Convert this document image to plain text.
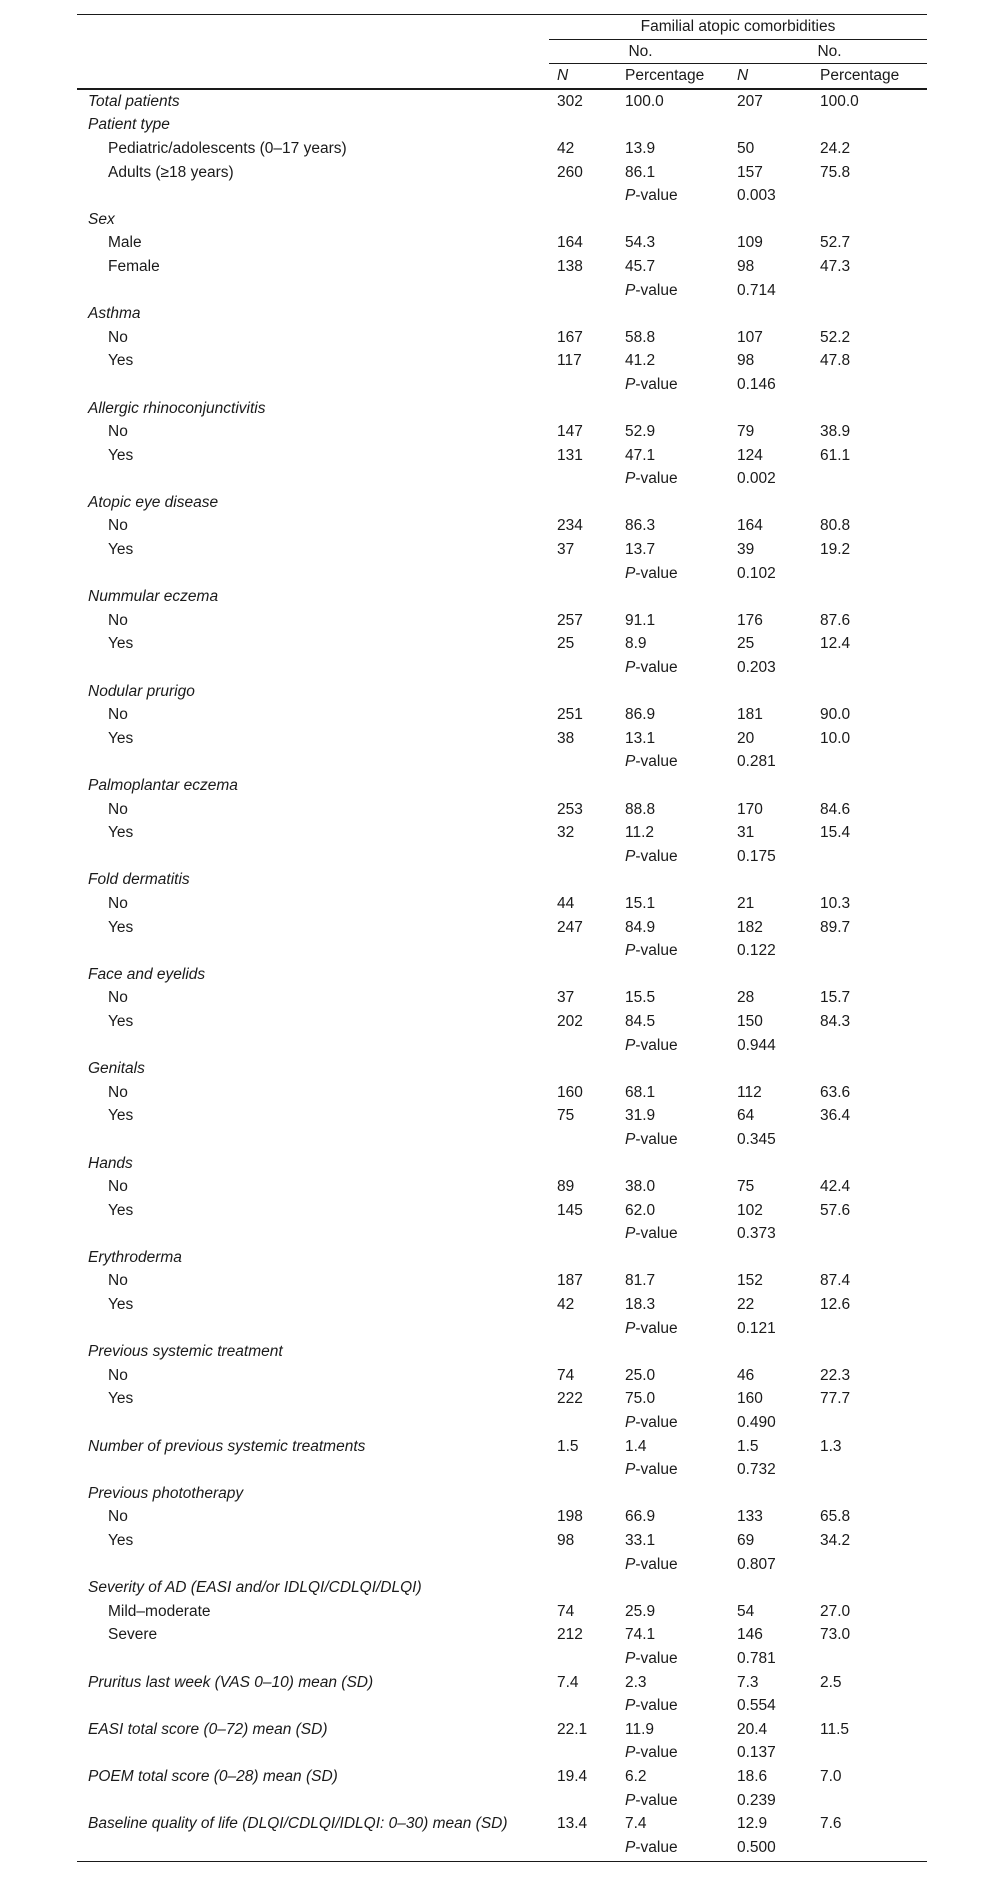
	Familial atopic comorbidities			
	No.		No.	
	N	Percentage	N	Percentage
Total patients	302	100.0	207	100.0
Patient type				
Pediatric/adolescents (0–17 years)	42	13.9	50	24.2
Adults (≥18 years)	260	86.1	157	75.8
		P-value	0.003	
Sex				
Male	164	54.3	109	52.7
Female	138	45.7	98	47.3
		P-value	0.714	
Asthma				
No	167	58.8	107	52.2
Yes	117	41.2	98	47.8
		P-value	0.146	
Allergic rhinoconjunctivitis				
No	147	52.9	79	38.9
Yes	131	47.1	124	61.1
		P-value	0.002	
Atopic eye disease				
No	234	86.3	164	80.8
Yes	37	13.7	39	19.2
		P-value	0.102	
Nummular eczema				
No	257	91.1	176	87.6
Yes	25	8.9	25	12.4
		P-value	0.203	
Nodular prurigo				
No	251	86.9	181	90.0
Yes	38	13.1	20	10.0
		P-value	0.281	
Palmoplantar eczema				
No	253	88.8	170	84.6
Yes	32	11.2	31	15.4
		P-value	0.175	
Fold dermatitis				
No	44	15.1	21	10.3
Yes	247	84.9	182	89.7
		P-value	0.122	
Face and eyelids				
No	37	15.5	28	15.7
Yes	202	84.5	150	84.3
		P-value	0.944	
Genitals				
No	160	68.1	112	63.6
Yes	75	31.9	64	36.4
		P-value	0.345	
Hands				
No	89	38.0	75	42.4
Yes	145	62.0	102	57.6
		P-value	0.373	
Erythroderma				
No	187	81.7	152	87.4
Yes	42	18.3	22	12.6
		P-value	0.121	
Previous systemic treatment				
No	74	25.0	46	22.3
Yes	222	75.0	160	77.7
		P-value	0.490	
Number of previous systemic treatments	1.5	1.4	1.5	1.3
		P-value	0.732	
Previous phototherapy				
No	198	66.9	133	65.8
Yes	98	33.1	69	34.2
		P-value	0.807	
Severity of AD (EASI and/or IDLQI/CDLQI/DLQI)				
Mild–moderate	74	25.9	54	27.0
Severe	212	74.1	146	73.0
		P-value	0.781	
Pruritus last week (VAS 0–10) mean (SD)	7.4	2.3	7.3	2.5
		P-value	0.554	
EASI total score (0–72) mean (SD)	22.1	11.9	20.4	11.5
		P-value	0.137	
POEM total score (0–28) mean (SD)	19.4	6.2	18.6	7.0
		P-value	0.239	
Baseline quality of life (DLQI/CDLQI/IDLQI: 0–30) mean (SD)	13.4	7.4	12.9	7.6
		P-value	0.500	
